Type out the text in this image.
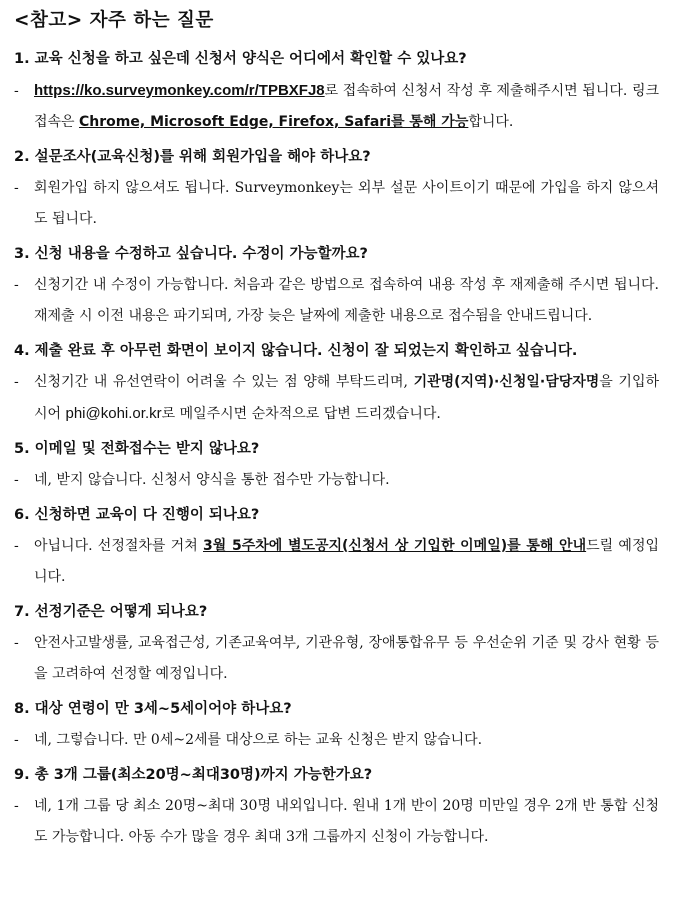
<참고> 자주 하는 질문
1. 교육 신청을 하고 싶은데 신청서 양식은 어디에서 확인할 수 있나요?
- https://ko.surveymonkey.com/r/TPBXFJ8로 접속하여 신청서 작성 후 제출해주시면 됩니다. 링크접속은 Chrome, Microsoft Edge, Firefox, Safari를 통해 가능합니다.
2. 설문조사(교육신청)를 위해 회원가입을 해야 하나요?
- 회원가입 하지 않으셔도 됩니다. Surveymonkey는 외부 설문 사이트이기 때문에 가입을 하지 않으셔도 됩니다.
3. 신청 내용을 수정하고 싶습니다. 수정이 가능할까요?
- 신청기간 내 수정이 가능합니다. 처음과 같은 방법으로 접속하여 내용 작성 후 재제출해 주시면 됩니다. 재제출 시 이전 내용은 파기되며, 가장 늦은 날짜에 제출한 내용으로 접수됨을 안내드립니다.
4. 제출 완료 후 아무런 화면이 보이지 않습니다. 신청이 잘 되었는지 확인하고 싶습니다.
- 신청기간 내 유선연락이 어려울 수 있는 점 양해 부탁드리며, 기관명(지역)·신청일·담당자명을 기입하시어 phi@kohi.or.kr로 메일주시면 순차적으로 답변 드리겠습니다.
5. 이메일 및 전화접수는 받지 않나요?
- 네, 받지 않습니다. 신청서 양식을 통한 접수만 가능합니다.
6. 신청하면 교육이 다 진행이 되나요?
- 아닙니다. 선정절차를 거쳐 3월 5주차에 별도공지(신청서 상 기입한 이메일)를 통해 안내드릴 예정입니다.
7. 선정기준은 어떻게 되나요?
- 안전사고발생률, 교육접근성, 기존교육여부, 기관유형, 장애통합유무 등 우선순위 기준 및 강사 현황 등을 고려하여 선정할 예정입니다.
8. 대상 연령이 만 3세~5세이어야 하나요?
- 네, 그렇습니다. 만 0세~2세를 대상으로 하는 교육 신청은 받지 않습니다.
9. 총 3개 그룹(최소20명~최대30명)까지 가능한가요?
- 네, 1개 그룹 당 최소 20명~최대 30명 내외입니다. 원내 1개 반이 20명 미만일 경우 2개 반 통합 신청도 가능합니다. 아동 수가 많을 경우 최대 3개 그룹까지 신청이 가능합니다.
